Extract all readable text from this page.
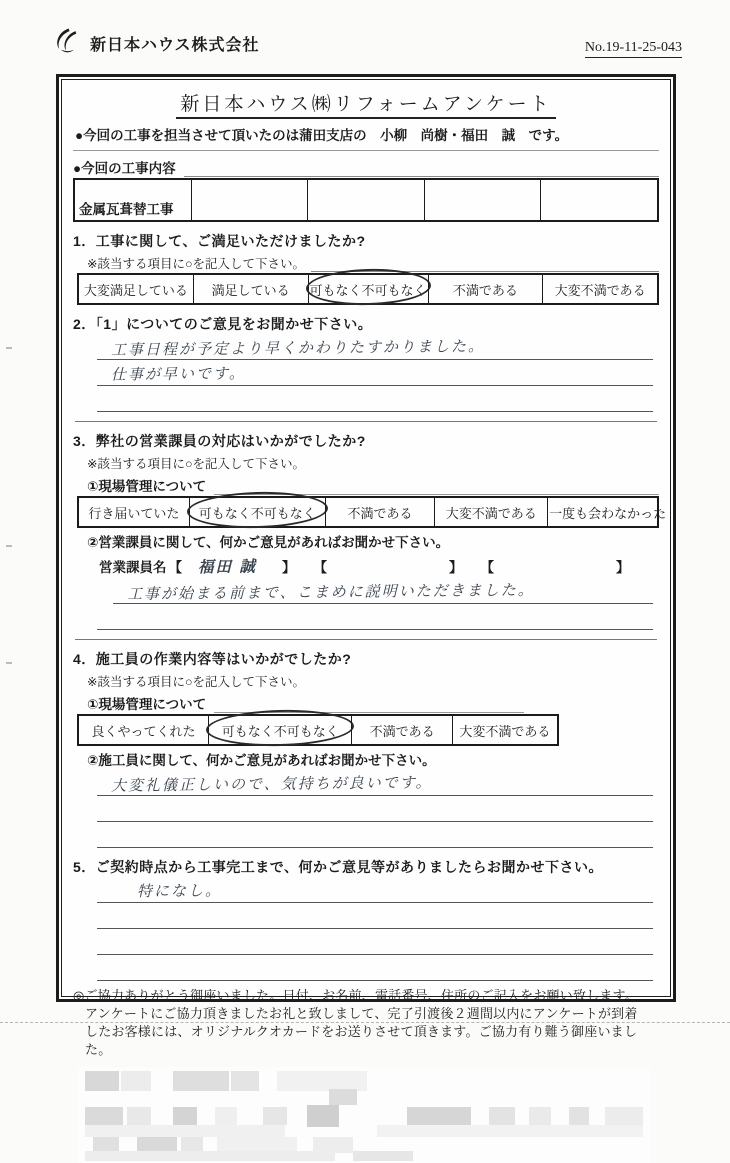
新日本ハウス株式会社	No.19-11-25-043
新日本ハウス㈱リフォームアンケート
●今回の工事を担当させて頂いたのは蒲田支店の　小柳　尚樹・福田　誠　です。
●今回の工事内容
金属瓦葺替工事
1．工事に関して、ご満足いただけましたか?
※該当する項目に○を記入して下さい。
大変満足している	満足している	可もなく不可もなく	不満である	大変不満である
2．「1」についてのご意見をお聞かせ下さい。
工事日程が予定より早くかわりたすかりました。
仕事が早いです。
3．弊社の営業課員の対応はいかがでしたか?
※該当する項目に○を記入して下さい。
①現場管理について
行き届いていた	可もなく不可もなく	不満である	大変不満である 一度も会わなかった
②営業課員に関して、何かご意見があればお聞かせ下さい。
営業課員名 【	福田 誠	】 【	】 【	】
工事が始まる前まで、こまめに説明いただきました。
4．施工員の作業内容等はいかがでしたか?
※該当する項目に○を記入して下さい。
①現場管理について
良くやってくれた	可もなく不可もなく	不満である	大変不満である
②施工員に関して、何かご意見があればお聞かせ下さい。
大変礼儀正しいので、気持ちが良いです。
5．ご契約時点から工事完工まで、何かご意見等がありましたらお聞かせ下さい。
特になし。
◎ご協力ありがとう御座いました。日付、お名前、電話番号、住所のご記入をお願い致します。
アンケートにご協力頂きましたお礼と致しまして、完了引渡後２週間以内にアンケートが到着
したお客様には、オリジナルクオカードをお送りさせて頂きます。ご協力有り難う御座いました。
